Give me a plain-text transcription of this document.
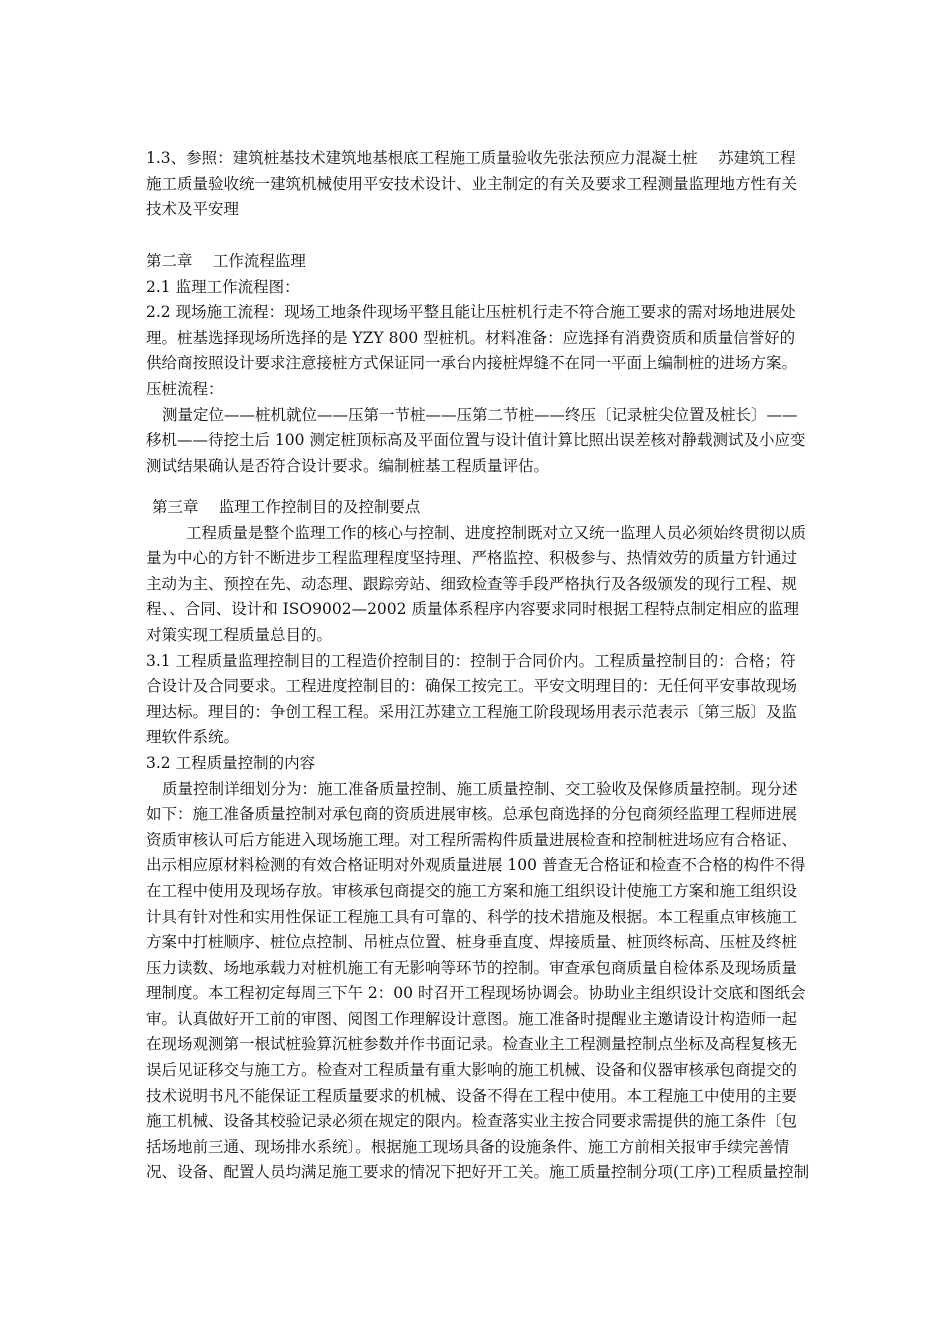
1.3、参照：建筑桩基技术建筑地基根底工程施工质量验收先张法预应力混凝土桩　 苏建筑工程施工质量验收统一建筑机械使用平安技术设计、业主制定的有关及要求工程测量监理地方性有关技术及平安理

第二章　 工作流程监理

2.1 监理工作流程图：

2.2 现场施工流程：现场工地条件现场平整且能让压桩机行走不符合施工要求的需对场地进展处理。桩基选择现场所选择的是 YZY 800 型桩机。材料准备：应选择有消费资质和质量信誉好的供给商按照设计要求注意接桩方式保证同一承台内接桩焊缝不在同一平面上编制桩的进场方案。压桩流程：

测量定位——桩机就位——压第一节桩——压第二节桩——终压〔记录桩尖位置及桩长〕——移机——待挖土后 100 测定桩顶标高及平面位置与设计值计算比照出误差核对静载测试及小应变测试结果确认是否符合设计要求。编制桩基工程质量评估。

第三章　 监理工作控制目的及控制要点

工程质量是整个监理工作的核心与控制、进度控制既对立又统一监理人员必须始终贯彻以质量为中心的方针不断进步工程监理程度坚持理、严格监控、积极参与、热情效劳的质量方针通过主动为主、预控在先、动态理、跟踪旁站、细致检查等手段严格执行及各级颁发的现行工程、规程、、合同、设计和 ISO9002—2002 质量体系程序内容要求同时根据工程特点制定相应的监理对策实现工程质量总目的。

3.1 工程质量监理控制目的工程造价控制目的：控制于合同价内。工程质量控制目的：合格；符合设计及合同要求。工程进度控制目的：确保工按完工。平安文明理目的：无任何平安事故现场理达标。理目的：争创工程工程。采用江苏建立工程施工阶段现场用表示范表示〔第三版〕及监理软件系统。

3.2 工程质量控制的内容

质量控制详细划分为：施工准备质量控制、施工质量控制、交工验收及保修质量控制。现分述如下：施工准备质量控制对承包商的资质进展审核。总承包商选择的分包商须经监理工程师进展资质审核认可后方能进入现场施工理。对工程所需构件质量进展检查和控制桩进场应有合格证、出示相应原材料检测的有效合格证明对外观质量进展 100 普查无合格证和检查不合格的构件不得在工程中使用及现场存放。审核承包商提交的施工方案和施工组织设计使施工方案和施工组织设计具有针对性和实用性保证工程施工具有可靠的、科学的技术措施及根据。本工程重点审核施工方案中打桩顺序、桩位点控制、吊桩点位置、桩身垂直度、焊接质量、桩顶终标高、压桩及终桩压力读数、场地承载力对桩机施工有无影响等环节的控制。审查承包商质量自检体系及现场质量理制度。本工程初定每周三下午 2：00 时召开工程现场协调会。协助业主组织设计交底和图纸会审。认真做好开工前的审图、阅图工作理解设计意图。施工准备时提醒业主邀请设计构造师一起在现场观测第一根试桩验算沉桩参数并作书面记录。检查业主工程测量控制点坐标及高程复核无误后见证移交与施工方。检查对工程质量有重大影响的施工机械、设备和仪器审核承包商提交的技术说明书凡不能保证工程质量要求的机械、设备不得在工程中使用。本工程施工中使用的主要施工机械、设备其校验记录必须在规定的限内。检查落实业主按合同要求需提供的施工条件〔包括场地前三通、现场排水系统〕。根据施工现场具备的设施条件、施工方前相关报审手续完善情况、设备、配置人员均满足施工要求的情况下把好开工关。施工质量控制分项(工序)工程质量控制
